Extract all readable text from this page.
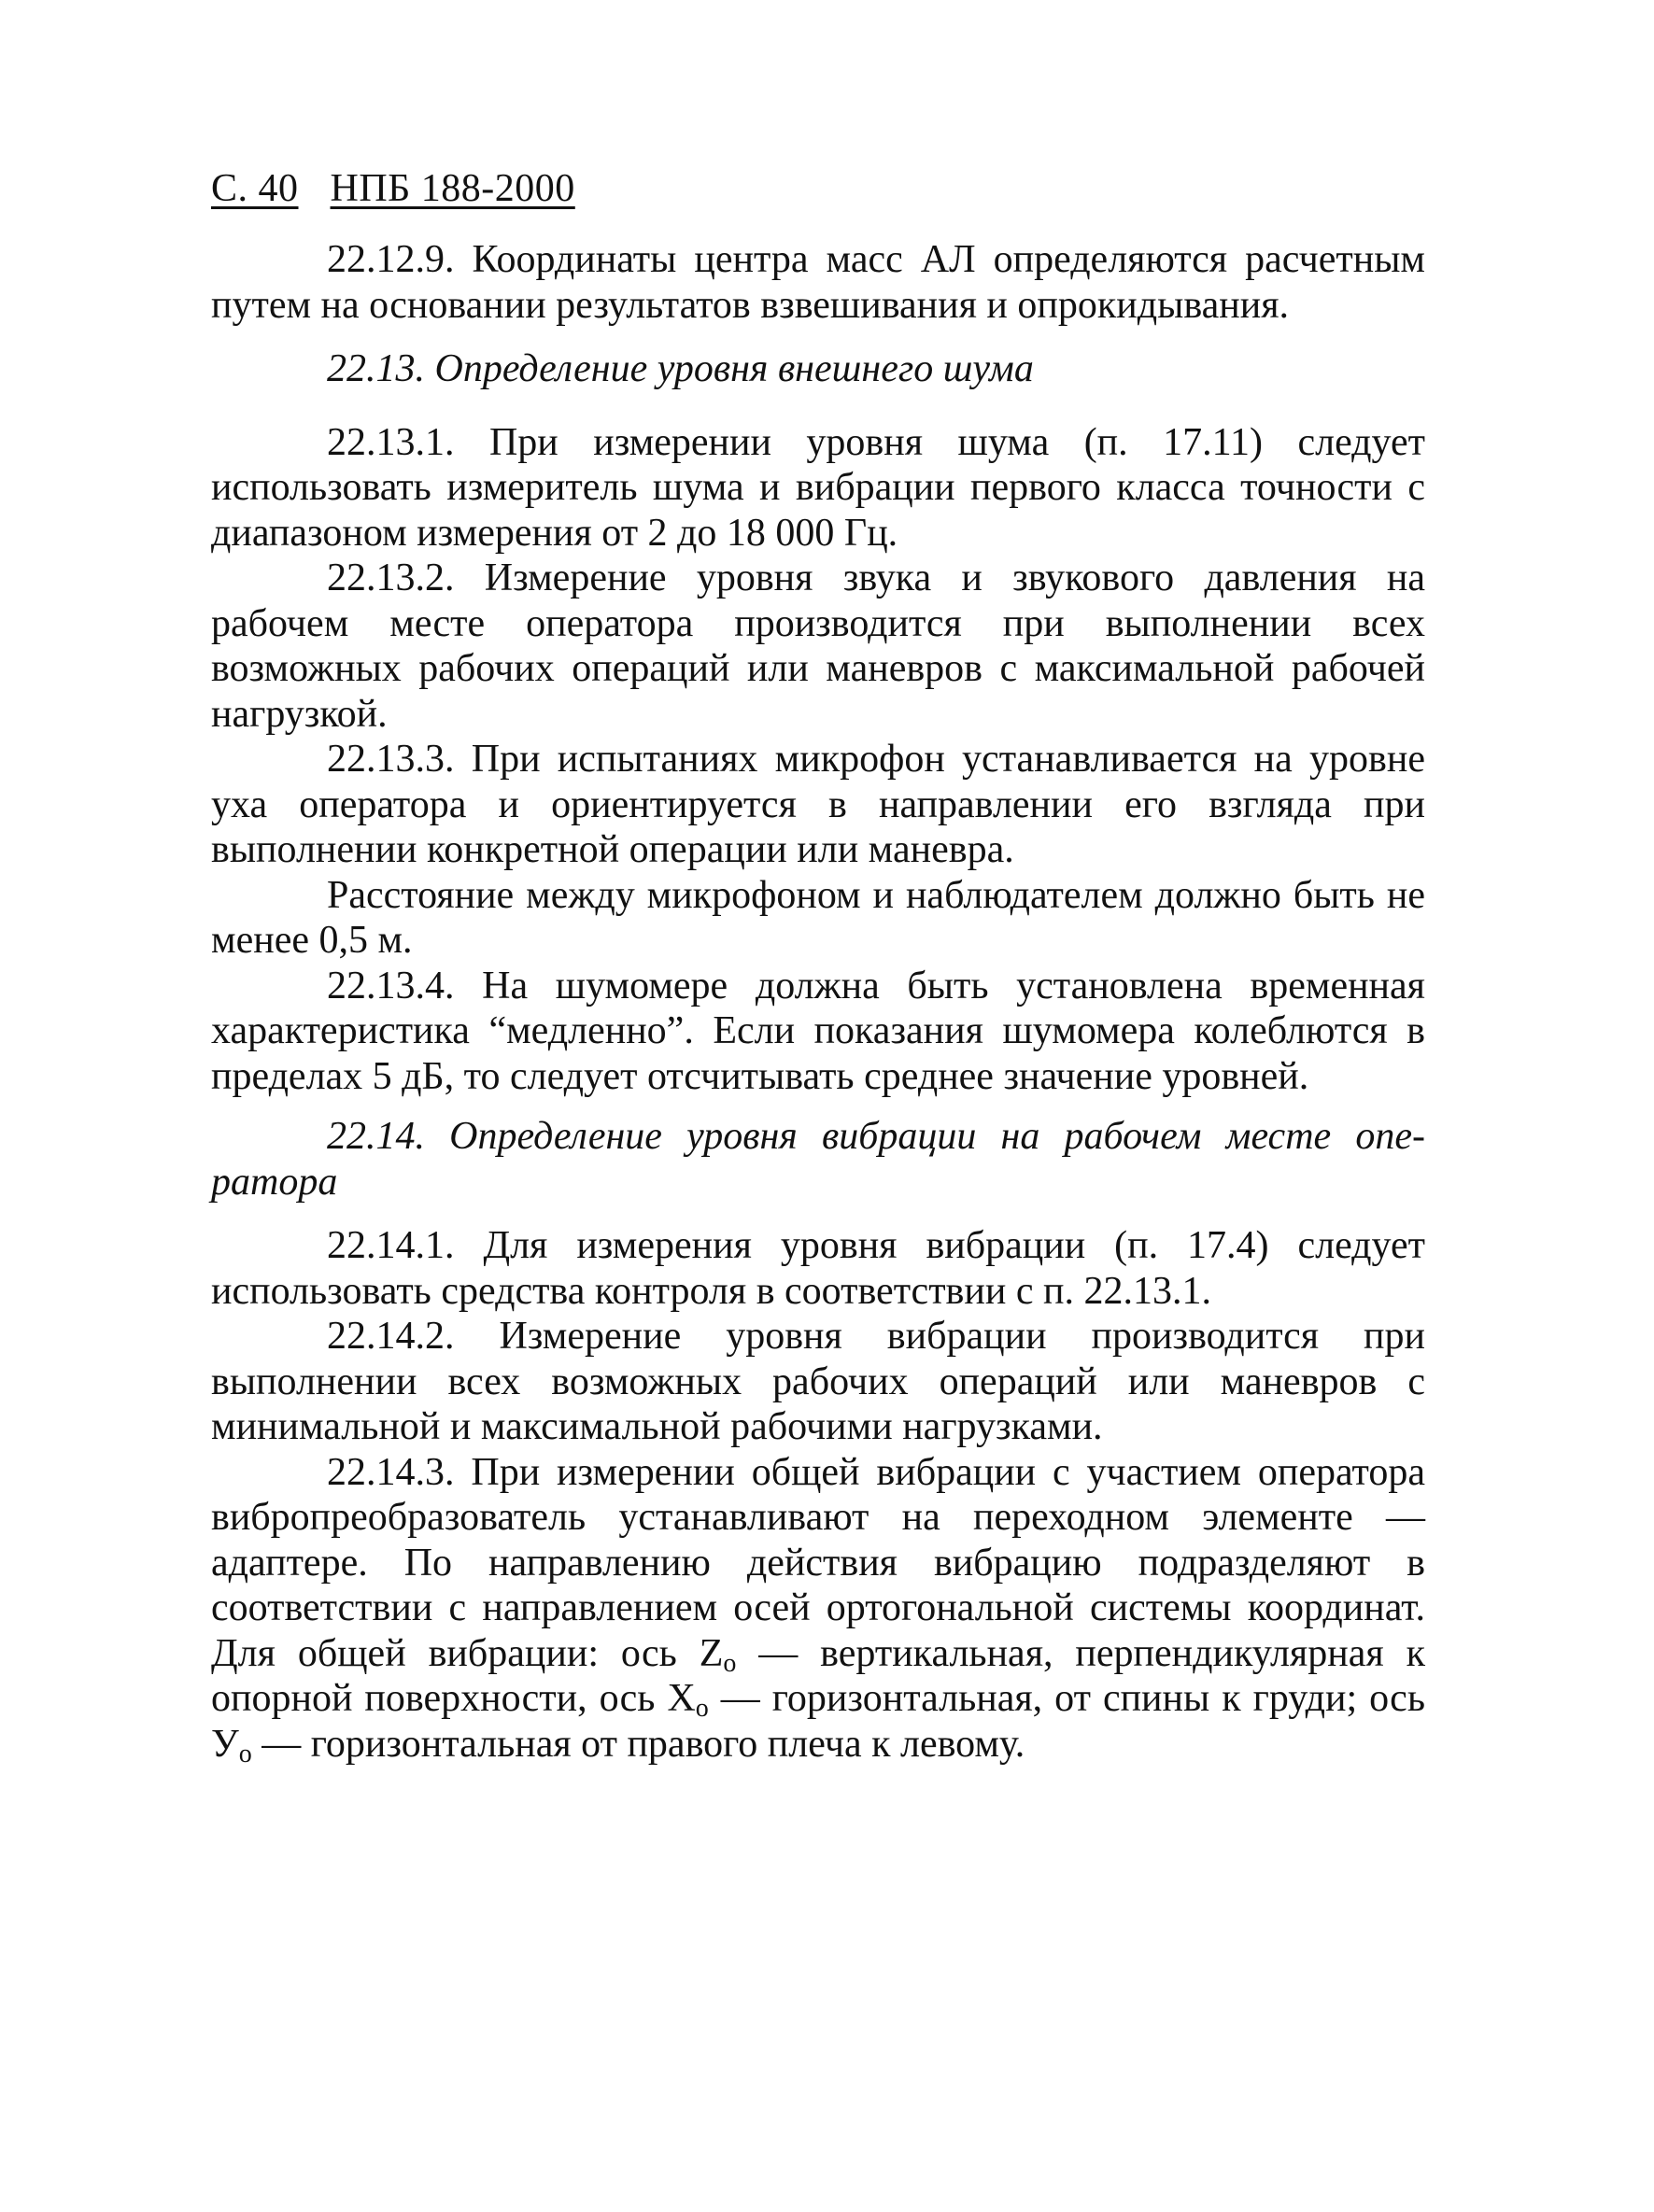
С. 40 НПБ 188-2000

22.12.9. Координаты центра масс АЛ определяются расчетным путем на основании результатов взвешивания и опрокидывания.

22.13. Определение уровня внешнего шума

22.13.1. При измерении уровня шума (п. 17.11) следует использовать измеритель шума и вибрации первого класса точности с диапазоном измерения от 2 до 18 000 Гц.

22.13.2. Измерение уровня звука и звукового давления на рабочем месте оператора производится при выполнении всех возможных рабочих операций или маневров с максимальной рабочей нагрузкой.

22.13.3. При испытаниях микрофон устанавливается на уровне уха оператора и ориентируется в направлении его взгляда при выполнении конкретной операции или маневра.

Расстояние между микрофоном и наблюдателем должно быть не менее 0,5 м.

22.13.4. На шумомере должна быть установлена временная характеристика “медленно”. Если показания шумомера колеблются в пределах 5 дБ, то следует отсчитывать среднее значение уровней.

22.14. Определение уровня вибрации на рабочем месте оператора

22.14.1. Для измерения уровня вибрации (п. 17.4) следует использовать средства контроля в соответствии с п. 22.13.1.

22.14.2. Измерение уровня вибрации производится при выполнении всех возможных рабочих операций или маневров с минимальной и максимальной рабочими нагрузками.

22.14.3. При измерении общей вибрации с участием оператора вибропреобразователь устанавливают на переходном элементе — адаптере. По направлению действия вибрацию подразделяют в соответствии с направлением осей ортогональной системы координат. Для общей вибрации: ось $Z_o$ — вертикальная, перпендикулярная к опорной поверхности, ось $X_o$ — горизонтальная, от спины к груди; ось $У_o$ — горизонтальная от правого плеча к левому.
